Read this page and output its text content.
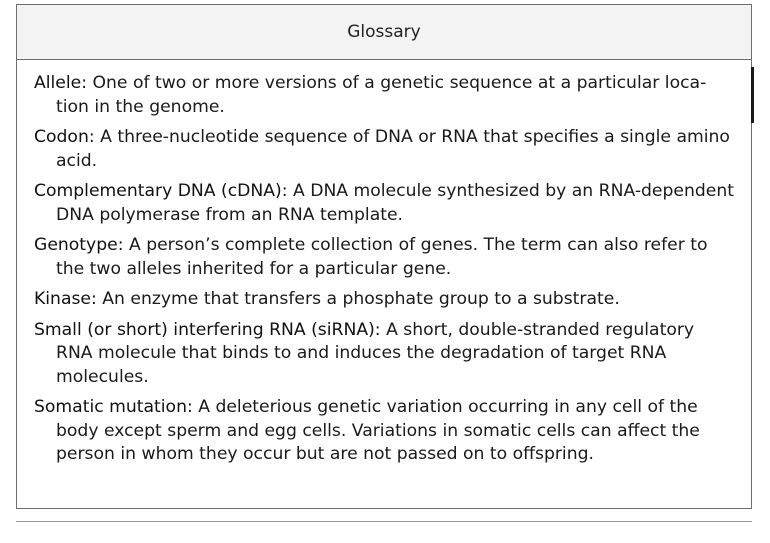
Glossary
Allele: One of two or more versions of a genetic sequence at a particular loca-tion in the genome.
Codon: A three-nucleotide sequence of DNA or RNA that specifies a single amino acid.
Complementary DNA (cDNA): A DNA molecule synthesized by an RNA-dependent DNA polymerase from an RNA template.
Genotype: A person’s complete collection of genes. The term can also refer to the two alleles inherited for a particular gene.
Kinase: An enzyme that transfers a phosphate group to a substrate.
Small (or short) interfering RNA (siRNA): A short, double-stranded regulatory RNA molecule that binds to and induces the degradation of target RNA molecules.
Somatic mutation: A deleterious genetic variation occurring in any cell of the body except sperm and egg cells. Variations in somatic cells can affect the person in whom they occur but are not passed on to offspring.
